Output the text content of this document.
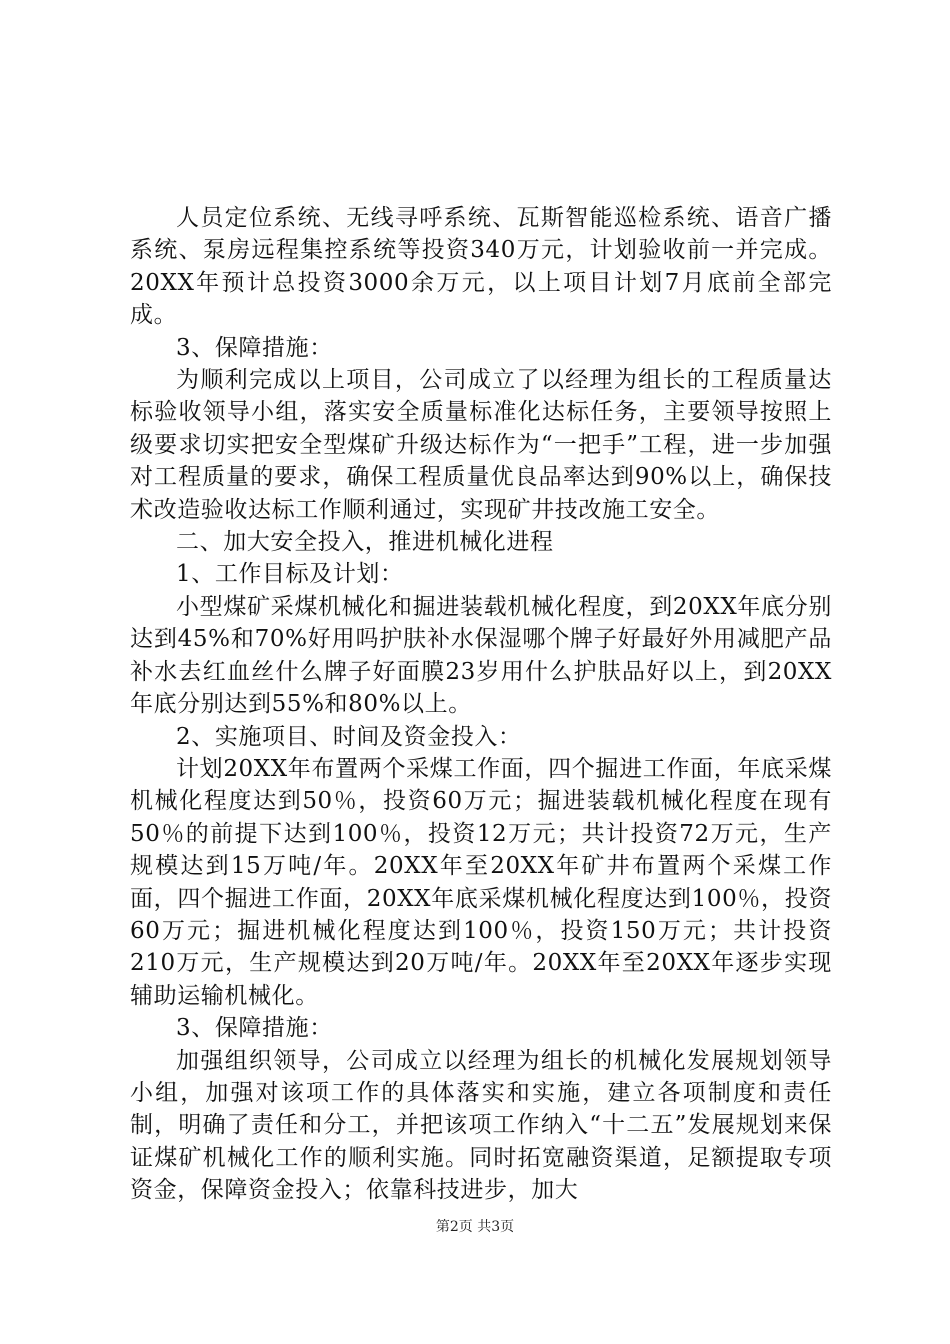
人员定位系统、无线寻呼系统、瓦斯智能巡检系统、语音广播系统、泵房远程集控系统等投资340万元，计划验收前一并完成。20XX年预计总投资3000余万元，以上项目计划7月底前全部完成。

3、保障措施：

为顺利完成以上项目，公司成立了以经理为组长的工程质量达标验收领导小组，落实安全质量标准化达标任务，主要领导按照上级要求切实把安全型煤矿升级达标作为“一把手”工程，进一步加强对工程质量的要求，确保工程质量优良品率达到90%以上，确保技术改造验收达标工作顺利通过，实现矿井技改施工安全。

二、加大安全投入，推进机械化进程

1、工作目标及计划：

小型煤矿采煤机械化和掘进装载机械化程度，到20XX年底分别达到45%和70%好用吗护肤补水保湿哪个牌子好最好外用减肥产品补水去红血丝什么牌子好面膜23岁用什么护肤品好以上，到20XX年底分别达到55%和80%以上。

2、实施项目、时间及资金投入：

计划20XX年布置两个采煤工作面，四个掘进工作面，年底采煤机械化程度达到50％，投资60万元；掘进装载机械化程度在现有50％的前提下达到100％，投资12万元；共计投资72万元，生产规模达到15万吨/年。20XX年至20XX年矿井布置两个采煤工作面，四个掘进工作面，20XX年底采煤机械化程度达到100％，投资60万元；掘进机械化程度达到100％，投资150万元；共计投资210万元，生产规模达到20万吨/年。20XX年至20XX年逐步实现辅助运输机械化。

3、保障措施：

加强组织领导，公司成立以经理为组长的机械化发展规划领导小组，加强对该项工作的具体落实和实施，建立各项制度和责任制，明确了责任和分工，并把该项工作纳入“十二五”发展规划来保证煤矿机械化工作的顺利实施。同时拓宽融资渠道，足额提取专项资金，保障资金投入；依靠科技进步，加大

第2页 共3页
